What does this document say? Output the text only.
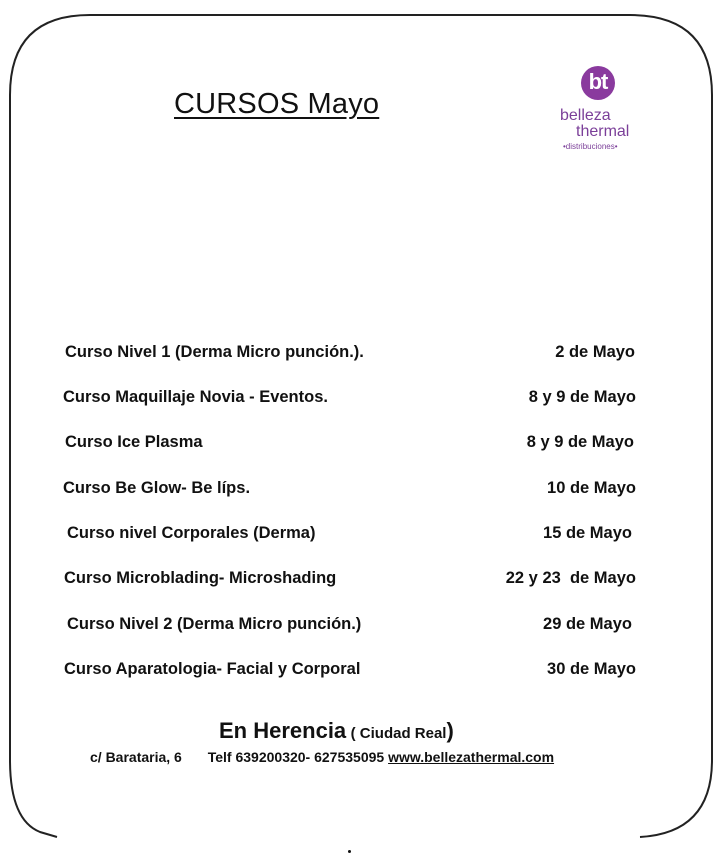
CURSOS Mayo
bt
belleza
thermal
•distribuciones•
Curso Nivel 1 (Derma Micro punción.).	2 de Mayo
Curso Maquillaje Novia - Eventos.	8 y 9 de Mayo
Curso Ice Plasma	8 y 9 de Mayo
Curso Be Glow- Be líps.	10 de Mayo
Curso nivel Corporales (Derma)	15 de Mayo
Curso Microblading- Microshading	22 y 23  de Mayo
Curso Nivel 2 (Derma Micro punción.)	29 de Mayo
Curso Aparatologia- Facial y Corporal	30 de Mayo
En Herencia ( Ciudad Real)
c/ Barataria, 6 Telf 639200320- 627535095 www.bellezathermal.com
